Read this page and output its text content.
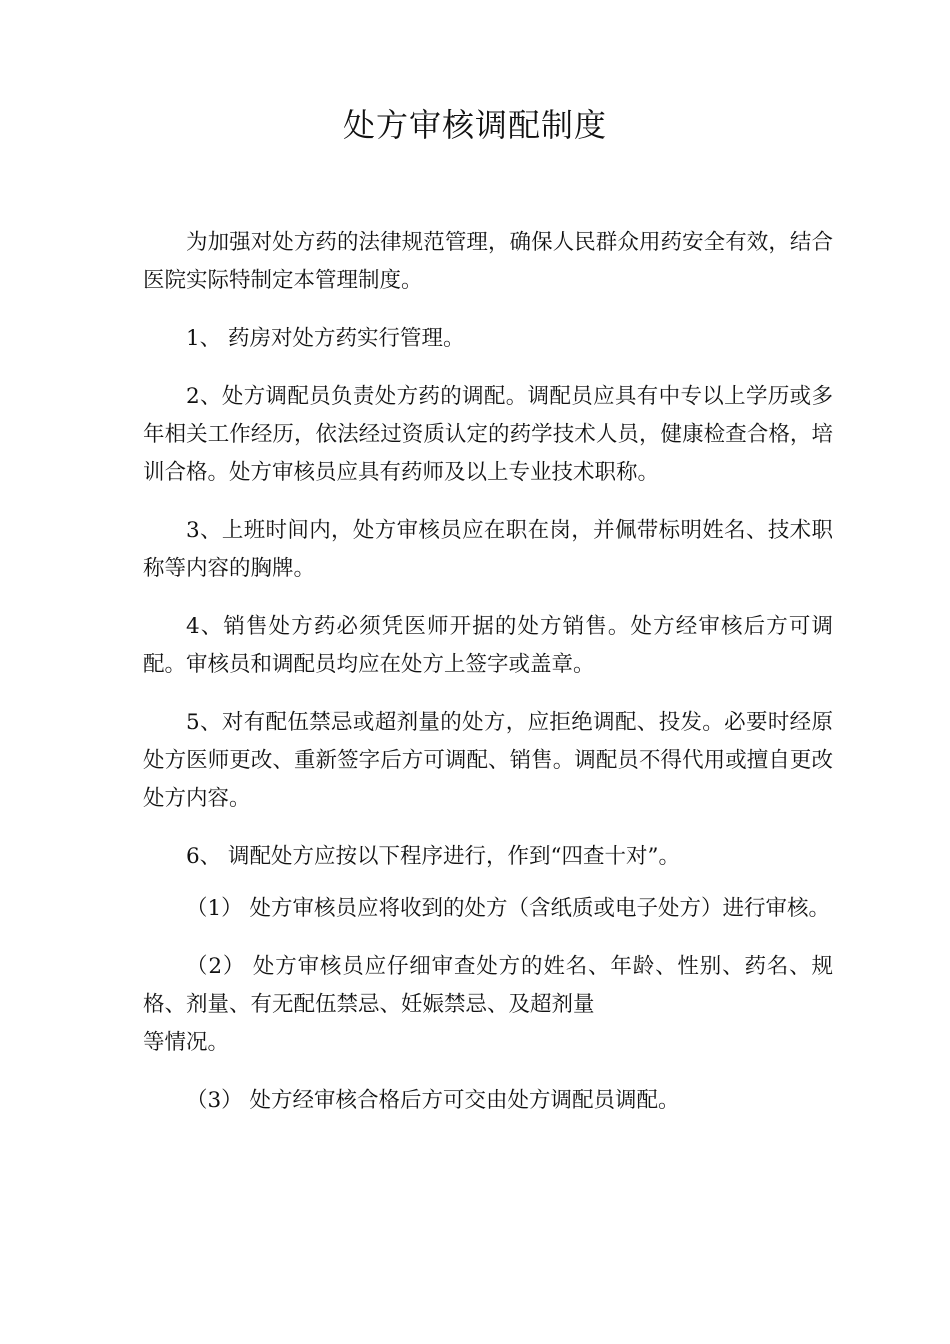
处方审核调配制度

为加强对处方药的法律规范管理，确保人民群众用药安全有效，结合医院实际特制定本管理制度。

1、 药房对处方药实行管理。

2、处方调配员负责处方药的调配。调配员应具有中专以上学历或多年相关工作经历，依法经过资质认定的药学技术人员，健康检查合格，培训合格。处方审核员应具有药师及以上专业技术职称。

3、上班时间内，处方审核员应在职在岗，并佩带标明姓名、技术职称等内容的胸牌。

4、销售处方药必须凭医师开据的处方销售。处方经审核后方可调配。审核员和调配员均应在处方上签字或盖章。

5、对有配伍禁忌或超剂量的处方，应拒绝调配、投发。必要时经原处方医师更改、重新签字后方可调配、销售。调配员不得代用或擅自更改处方内容。

6、 调配处方应按以下程序进行，作到“四查十对”。

（1） 处方审核员应将收到的处方（含纸质或电子处方）进行审核。

（2） 处方审核员应仔细审查处方的姓名、年龄、性别、药名、规格、剂量、有无配伍禁忌、妊娠禁忌、及超剂量

等情况。

（3） 处方经审核合格后方可交由处方调配员调配。
